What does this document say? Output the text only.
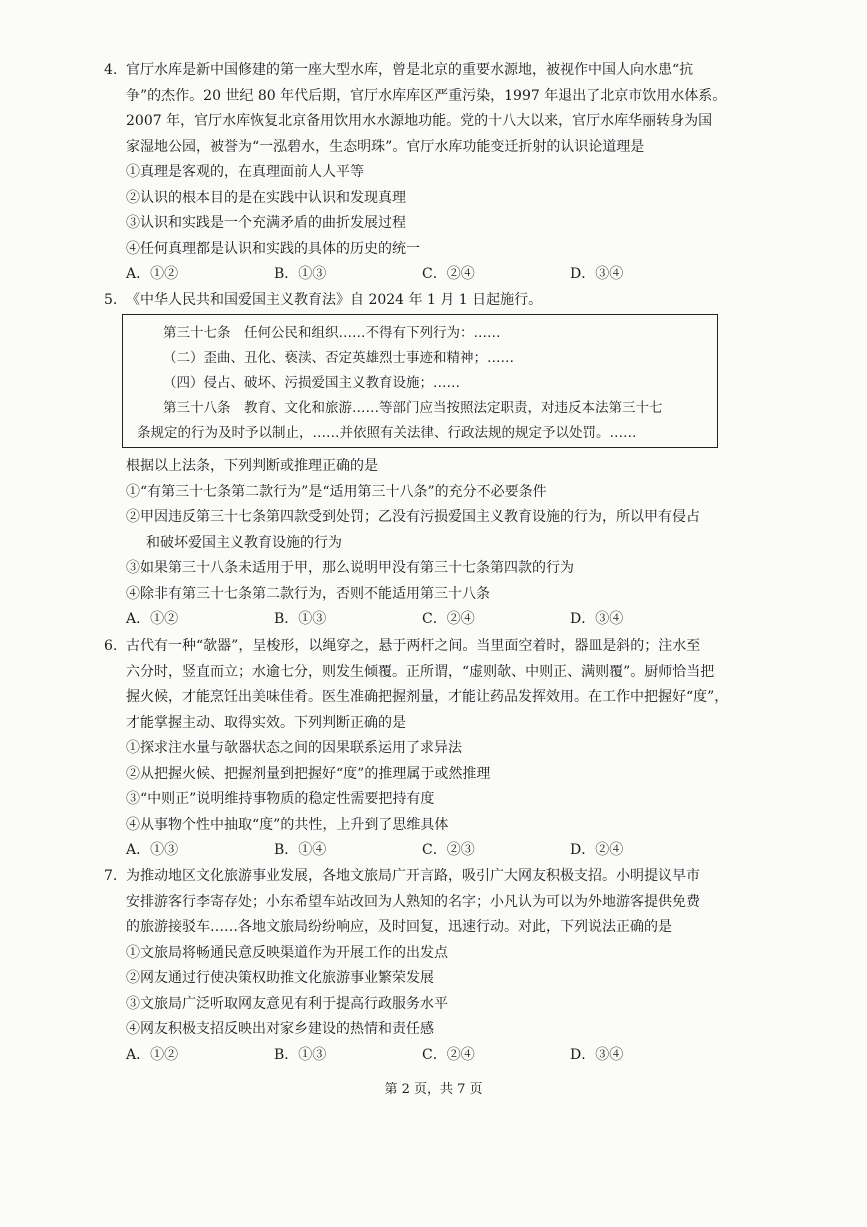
4. 官厅水库是新中国修建的第一座大型水库，曾是北京的重要水源地，被视作中国人向水患“抗

争”的杰作。20 世纪 80 年代后期，官厅水库库区严重污染，1997 年退出了北京市饮用水体系。

2007 年，官厅水库恢复北京备用饮用水水源地功能。党的十八大以来，官厅水库华丽转身为国

家湿地公园，被誉为“一泓碧水，生态明珠”。官厅水库功能变迁折射的认识论道理是

①真理是客观的，在真理面前人人平等

②认识的根本目的是在实践中认识和发现真理

③认识和实践是一个充满矛盾的曲折发展过程

④任何真理都是认识和实践的具体的历史的统一

A．①②	B．①③	C．②④	D．③④

5. 《中华人民共和国爱国主义教育法》自 2024 年 1 月 1 日起施行。

第三十七条　任何公民和组织……不得有下列行为：……

（二）歪曲、丑化、亵渎、否定英雄烈士事迹和精神；……

（四）侵占、破坏、污损爱国主义教育设施；……

第三十八条　教育、文化和旅游……等部门应当按照法定职责，对违反本法第三十七

条规定的行为及时予以制止，……并依照有关法律、行政法规的规定予以处罚。……

根据以上法条，下列判断或推理正确的是

①“有第三十七条第二款行为”是“适用第三十八条”的充分不必要条件

②甲因违反第三十七条第四款受到处罚；乙没有污损爱国主义教育设施的行为，所以甲有侵占

和破坏爱国主义教育设施的行为

③如果第三十八条未适用于甲，那么说明甲没有第三十七条第四款的行为

④除非有第三十七条第二款行为，否则不能适用第三十八条

A．①②	B．①③	C．②④	D．③④

6. 古代有一种“欹器”，呈梭形，以绳穿之，悬于两杆之间。当里面空着时，器皿是斜的；注水至

六分时，竖直而立；水逾七分，则发生倾覆。正所谓，“虚则欹、中则正、满则覆”。厨师恰当把

握火候，才能烹饪出美味佳肴。医生准确把握剂量，才能让药品发挥效用。在工作中把握好“度”，

才能掌握主动、取得实效。下列判断正确的是

①探求注水量与欹器状态之间的因果联系运用了求异法

②从把握火候、把握剂量到把握好“度”的推理属于或然推理

③“中则正”说明维持事物质的稳定性需要把持有度

④从事物个性中抽取“度”的共性，上升到了思维具体

A．①③	B．①④	C．②③	D．②④

7. 为推动地区文化旅游事业发展，各地文旅局广开言路，吸引广大网友积极支招。小明提议早市

安排游客行李寄存处；小东希望车站改回为人熟知的名字；小凡认为可以为外地游客提供免费

的旅游接驳车……各地文旅局纷纷响应，及时回复，迅速行动。对此，下列说法正确的是

①文旅局将畅通民意反映渠道作为开展工作的出发点

②网友通过行使决策权助推文化旅游事业繁荣发展

③文旅局广泛听取网友意见有利于提高行政服务水平

④网友积极支招反映出对家乡建设的热情和责任感

A．①②	B．①③	C．②④	D．③④
第 2 页，共 7 页
